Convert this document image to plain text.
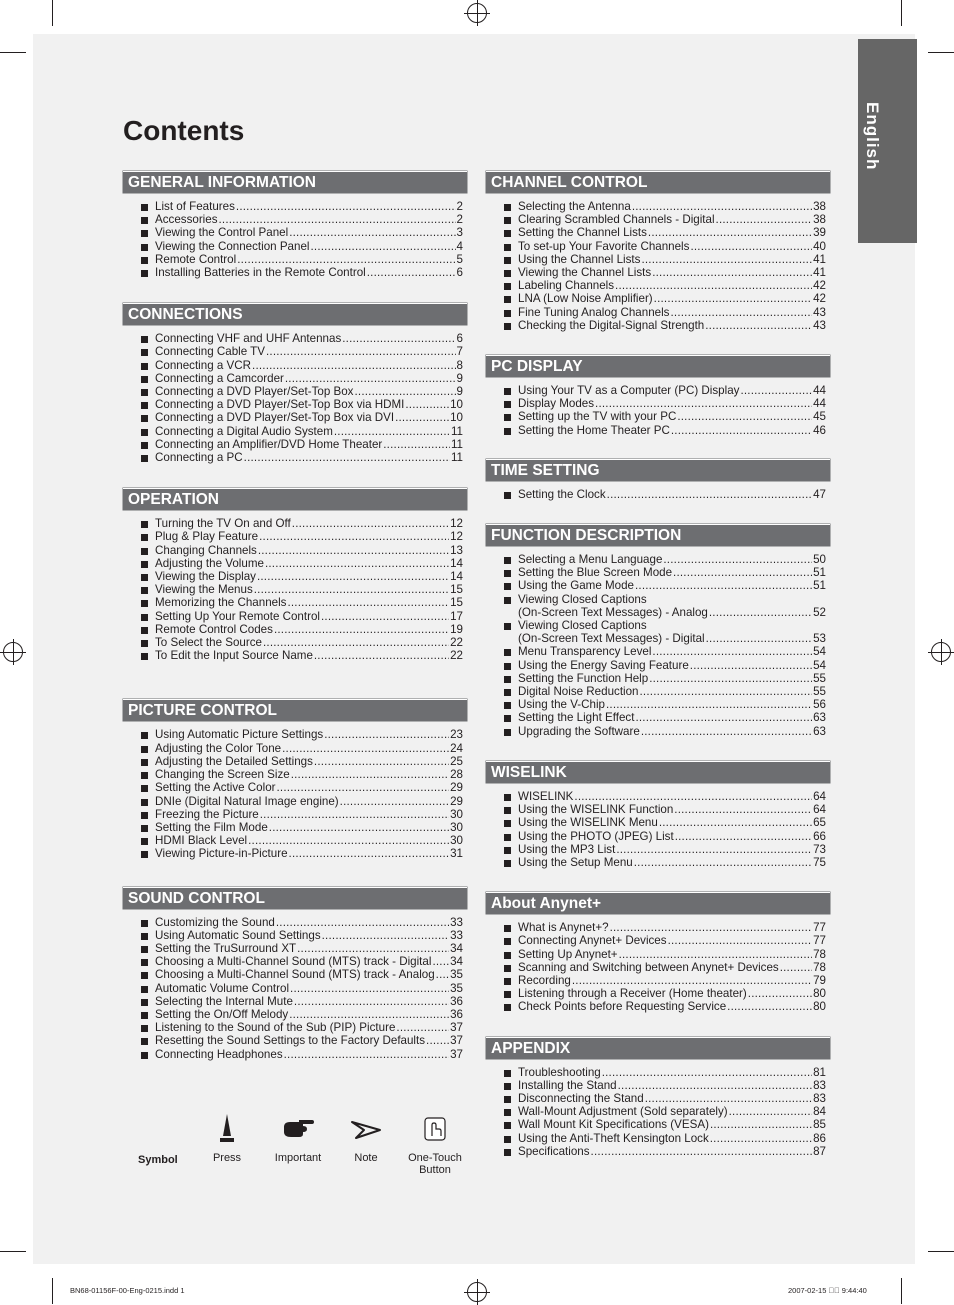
English
Contents
GENERAL INFORMATION
List of Features .....	2
Accessories .....	2
Viewing the Control Panel .....	3
Viewing the Connection Panel .....	4
Remote Control .....	5
Installing Batteries in the Remote Control .....	6
CONNECTIONS
Connecting VHF and UHF Antennas .....	6
Connecting Cable TV .....	7
Connecting a VCR .....	8
Connecting a Camcorder .....	9
Connecting a DVD Player/Set-Top Box .....	9
Connecting a DVD Player/Set-Top Box via HDMI .....	10
Connecting a DVD Player/Set-Top Box via DVI .....	10
Connecting a Digital Audio System .....	11
Connecting an Amplifier/DVD Home Theater .....	11
Connecting a PC .....	11
OPERATION
Turning the TV On and Off .....	12
Plug & Play Feature .....	12
Changing Channels .....	13
Adjusting the Volume .....	14
Viewing the Display .....	14
Viewing the Menus .....	15
Memorizing the Channels .....	15
Setting Up Your Remote Control .....	17
Remote Control Codes .....	19
To Select the Source .....	22
To Edit the Input Source Name .....	22
PICTURE CONTROL
Using Automatic Picture Settings .....	23
Adjusting the Color Tone .....	24
Adjusting the Detailed Settings .....	25
Changing the Screen Size .....	28
Setting the Active Color .....	29
DNIe (Digital Natural Image engine) .....	29
Freezing the Picture .....	30
Setting the Film Mode .....	30
HDMI Black Level .....	30
Viewing Picture-in-Picture .....	31
SOUND CONTROL
Customizing the Sound .....	33
Using Automatic Sound Settings .....	33
Setting the TruSurround XT .....	34
Choosing a Multi-Channel Sound (MTS) track - Digital ..... 34
Choosing a Multi-Channel Sound (MTS) track - Analog ..... 35
Automatic Volume Control .....	35
Selecting the Internal Mute .....	36
Setting the On/Off Melody .....	36
Listening to the Sound of the Sub (PIP) Picture .....	37
Resetting the Sound Settings to the Factory Defaults ..... 37
Connecting Headphones .....	37
CHANNEL CONTROL
Selecting the Antenna .....	38
Clearing Scrambled Channels - Digital .....	38
Setting the Channel Lists .....	39
To set-up Your Favorite Channels .....	40
Using the Channel Lists .....	41
Viewing the Channel Lists .....	41
Labeling Channels .....	42
LNA (Low Noise Amplifier) .....	42
Fine Tuning Analog Channels .....	43
Checking the Digital-Signal Strength .....	43
PC DISPLAY
Using Your TV as a Computer (PC) Display .....	44
Display Modes .....	44
Setting up the TV with your PC .....	45
Setting the Home Theater PC .....	46
TIME SETTING
Setting the Clock .....	47
FUNCTION DESCRIPTION
Selecting a Menu Language .....	50
Setting the Blue Screen Mode .....	51
Using the Game Mode .....	51
Viewing Closed Captions
(On-Screen Text Messages) - Analog .....	52
Viewing Closed Captions
(On-Screen Text Messages) - Digital .....	53
Menu Transparency Level .....	54
Using the Energy Saving Feature .....	54
Setting the Function Help .....	55
Digital Noise Reduction .....	55
Using the V-Chip .....	56
Setting the Light Effect .....	63
Upgrading the Software .....	63
WISELINK
WISELINK .....	64
Using the WISELINK Function .....	64
Using the WISELINK Menu .....	65
Using the PHOTO (JPEG) List .....	66
Using the MP3 List .....	73
Using the Setup Menu .....	75
About Anynet+
What is Anynet+? .....	77
Connecting Anynet+ Devices .....	77
Setting Up Anynet+ .....	78
Scanning and Switching between Anynet+ Devices .....	78
Recording .....	79
Listening through a Receiver (Home theater) .....	80
Check Points before Requesting Service .....	80
APPENDIX
Troubleshooting .....	81
Installing the Stand .....	83
Disconnecting the Stand .....	83
Wall-Mount Adjustment (Sold separately) .....	84
Wall Mount Kit Specifications (VESA) .....	85
Using the Anti-Theft Kensington Lock .....	86
Specifications .....	87
Symbol	Press	Important	Note	One-Touch
Button
BN68-01156F-00-Eng-0215.indd 1	2007-02-15 ￿￿ 9:44:40
